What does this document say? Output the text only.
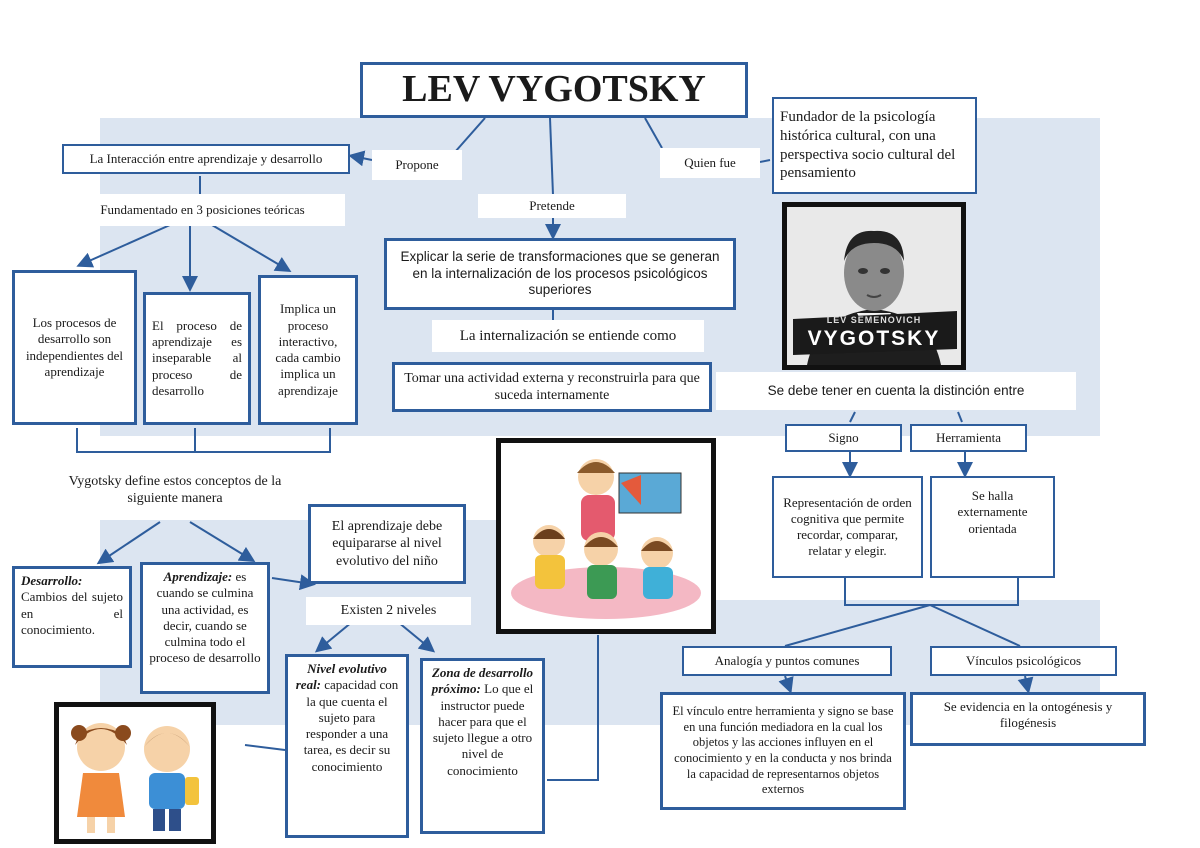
LEV VYGOTSKY
Propone
Pretende
Quien fue
Fundador de la psicología histórica cultural, con una perspectiva socio cultural del pensamiento
La Interacción entre aprendizaje y desarrollo
Fundamentado en 3 posiciones teóricas
Los procesos de desarrollo son independientes del aprendizaje
El proceso de aprendizaje es inseparable al proceso de desarrollo
Implica un proceso interactivo, cada cambio implica un aprendizaje
Vygotsky define estos conceptos de la siguiente manera
Desarrollo: Cambios del sujeto en el conocimiento.
Aprendizaje: es cuando se culmina una actividad, es decir, cuando se culmina todo el proceso de desarrollo
Explicar la serie de transformaciones que se generan en la internalización de los procesos psicológicos superiores
La internalización se entiende como
Tomar una actividad externa y reconstruirla para que suceda internamente
El aprendizaje debe equipararse al nivel evolutivo del niño
Existen 2 niveles
Nivel evolutivo real: capacidad con la que cuenta el sujeto para responder a una tarea, es decir su conocimiento
Zona de desarrollo próximo: Lo que el instructor puede hacer para que el sujeto llegue a otro nivel de conocimiento
LEV SEMENOVICH
VYGOTSKY
Se debe tener en cuenta la distinción entre
Signo	Herramienta
Representación de orden cognitiva que permite recordar, comparar, relatar y elegir.
Se halla externamente orientada
Analogía y puntos comunes	Vínculos psicológicos
El vínculo entre herramienta y signo se base en una función mediadora en la cual los objetos y las acciones influyen en el conocimiento y en la conducta y nos brinda la capacidad de representarnos objetos externos
Se evidencia en la ontogénesis y filogénesis
